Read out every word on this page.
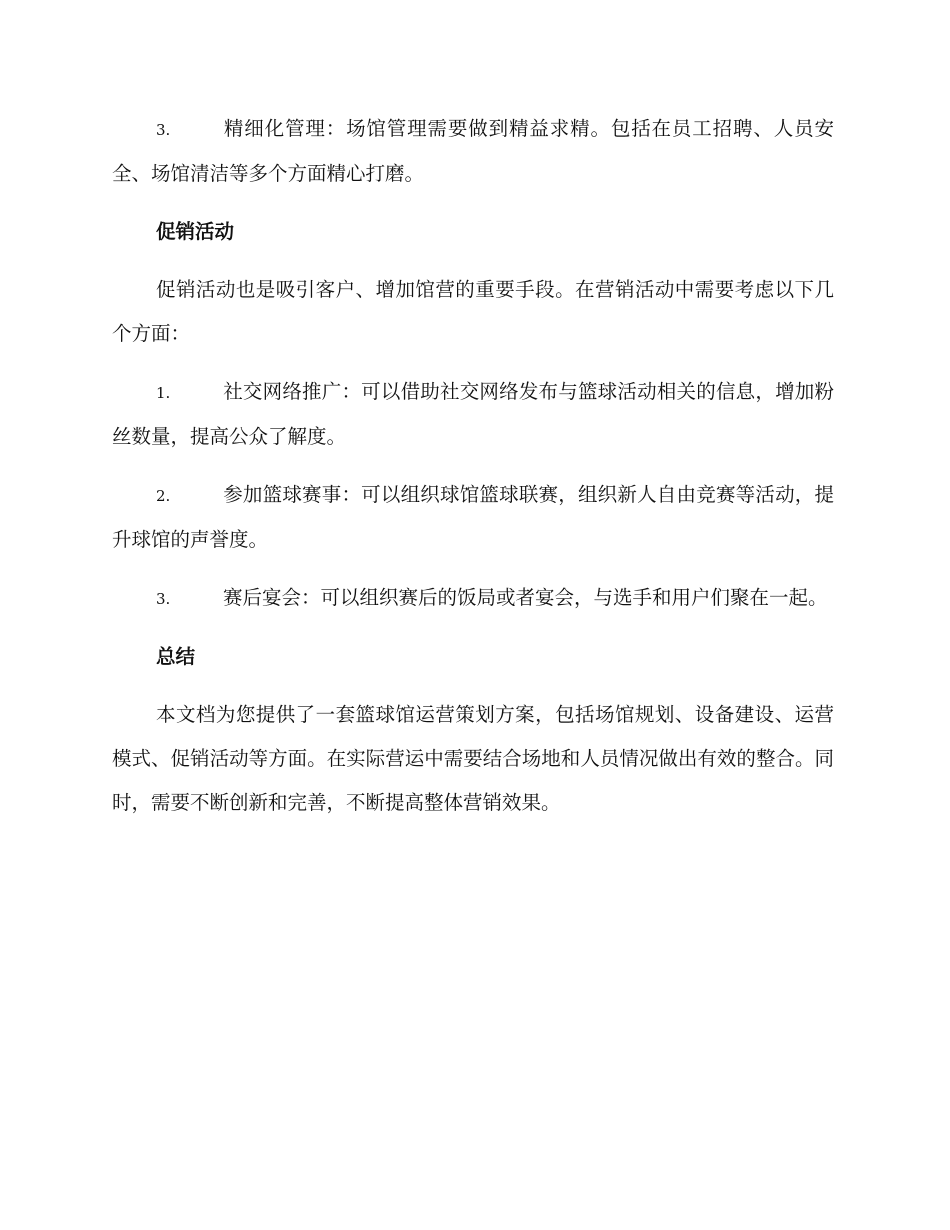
3.	精细化管理：场馆管理需要做到精益求精。包括在员工招聘、人员安全、场馆清洁等多个方面精心打磨。

促销活动

促销活动也是吸引客户、增加馆营的重要手段。在营销活动中需要考虑以下几个方面：

1.	社交网络推广：可以借助社交网络发布与篮球活动相关的信息，增加粉丝数量，提高公众了解度。

2.	参加篮球赛事：可以组织球馆篮球联赛，组织新人自由竞赛等活动，提升球馆的声誉度。

3.	赛后宴会：可以组织赛后的饭局或者宴会，与选手和用户们聚在一起。

总结

本文档为您提供了一套篮球馆运营策划方案，包括场馆规划、设备建设、运营模式、促销活动等方面。在实际营运中需要结合场地和人员情况做出有效的整合。同时，需要不断创新和完善，不断提高整体营销效果。
